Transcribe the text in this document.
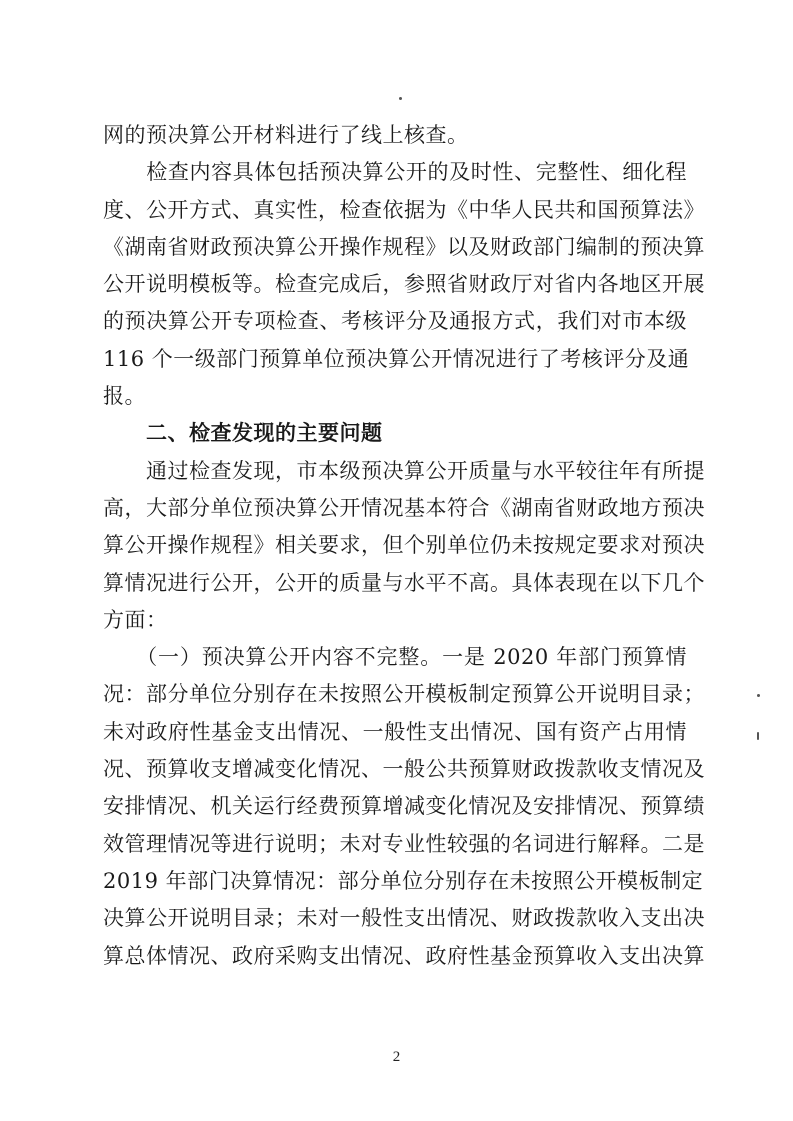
网的预决算公开材料进行了线上核查。
　　检查内容具体包括预决算公开的及时性、完整性、细化程
度、公开方式、真实性，检查依据为《中华人民共和国预算法》
《湖南省财政预决算公开操作规程》以及财政部门编制的预决算
公开说明模板等。检查完成后，参照省财政厅对省内各地区开展
的预决算公开专项检查、考核评分及通报方式，我们对市本级
116 个一级部门预算单位预决算公开情况进行了考核评分及通
报。
　　二、检查发现的主要问题
　　通过检查发现，市本级预决算公开质量与水平较往年有所提
高，大部分单位预决算公开情况基本符合《湖南省财政地方预决
算公开操作规程》相关要求，但个别单位仍未按规定要求对预决
算情况进行公开，公开的质量与水平不高。具体表现在以下几个
方面：
　　（一）预决算公开内容不完整。一是 2020 年部门预算情
况：部分单位分别存在未按照公开模板制定预算公开说明目录；
未对政府性基金支出情况、一般性支出情况、国有资产占用情
况、预算收支增减变化情况、一般公共预算财政拨款收支情况及
安排情况、机关运行经费预算增减变化情况及安排情况、预算绩
效管理情况等进行说明；未对专业性较强的名词进行解释。二是
2019 年部门决算情况：部分单位分别存在未按照公开模板制定
决算公开说明目录；未对一般性支出情况、财政拨款收入支出决
算总体情况、政府采购支出情况、政府性基金预算收入支出决算
2
